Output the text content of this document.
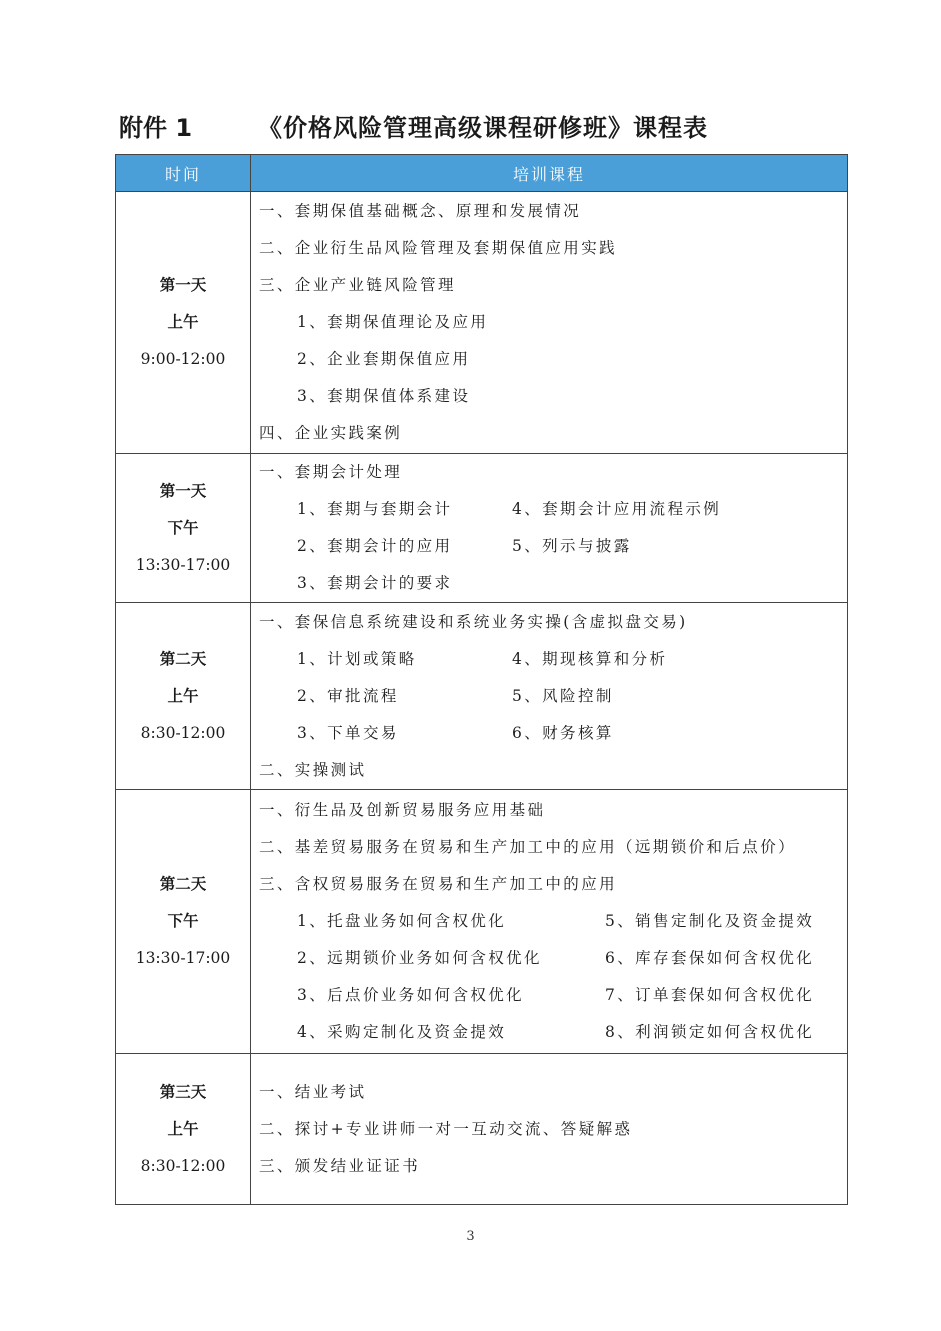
附件 1	《价格风险管理高级课程研修班》课程表
时间	培训课程

第一天
上午
9:00-12:00

一、套期保值基础概念、原理和发展情况
二、企业衍生品风险管理及套期保值应用实践
三、企业产业链风险管理
1、套期保值理论及应用
2、企业套期保值应用
3、套期保值体系建设
四、企业实践案例

第一天
下午
13:30-17:00

一、套期会计处理
1、套期与套期会计	4、套期会计应用流程示例
2、套期会计的应用	5、列示与披露
3、套期会计的要求

第二天
上午
8:30-12:00

一、套保信息系统建设和系统业务实操(含虚拟盘交易)
1、计划或策略	4、期现核算和分析
2、审批流程	5、风险控制
3、下单交易	6、财务核算
二、实操测试

第二天
下午
13:30-17:00

一、衍生品及创新贸易服务应用基础
二、基差贸易服务在贸易和生产加工中的应用（远期锁价和后点价）
三、含权贸易服务在贸易和生产加工中的应用
1、托盘业务如何含权优化	5、销售定制化及资金提效
2、远期锁价业务如何含权优化	6、库存套保如何含权优化
3、后点价业务如何含权优化	7、订单套保如何含权优化
4、采购定制化及资金提效	8、利润锁定如何含权优化

第三天
上午
8:30-12:00

一、结业考试
二、探讨+专业讲师一对一互动交流、答疑解惑
三、颁发结业证证书
3
